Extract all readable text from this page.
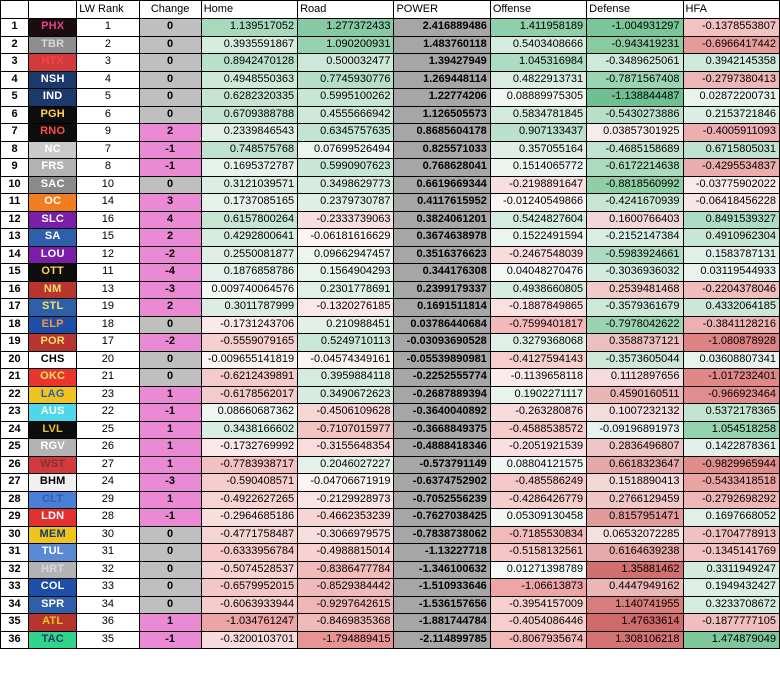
		LW Rank	Change	Home	Road	POWER	Offense	Defense	HFA
1	PHX	1	0	1.139517052	1.277372433	2.416889486	1.411958189	-1.004931297	-0.1378553807
2	TBR	2	0	0.3935591867	1.090200931	1.483760118	0.5403408666	-0.943419231	-0.6966417442
3	HTX	3	0	0.8942470128	0.500032477	1.39427949	1.045316984	-0.3489625061	0.3942145358
4	NSH	4	0	0.4948550363	0.7745930776	1.269448114	0.4822913731	-0.7871567408	-0.2797380413
5	IND	5	0	0.6282320335	0.5995100262	1.22774206	0.08889975305	-1.138844487	0.02872200731
6	PGH	6	0	0.6709388788	0.4555666942	1.126505573	0.5834781845	-0.5430273886	0.2153721846
7	RNO	9	2	0.2339846543	0.6345757635	0.8685604178	0.907133437	0.03857301925	-0.4005911093
8	NC	7	-1	0.748575768	0.07699526494	0.825571033	0.357055164	-0.4685158689	0.6715805031
9	FRS	8	-1	0.1695372787	0.5990907623	0.768628041	0.1514065772	-0.6172214638	-0.4295534837
10	SAC	10	0	0.3121039571	0.3498629773	0.6619669344	-0.2198891647	-0.8818560992	-0.03775902022
11	OC	14	3	0.1737085165	0.2379730787	0.4117615952	-0.01240549866	-0.4241670939	-0.06418456228
12	SLC	16	4	0.6157800264	-0.2333739063	0.3824061201	0.5424827604	0.1600766403	0.8491539327
13	SA	15	2	0.4292800641	-0.06181616629	0.3674638978	0.1522491594	-0.2152147384	0.4910962304
14	LOU	12	-2	0.2550081877	0.09662947457	0.3516376623	-0.2467548039	-0.5983924661	0.1583787131
15	OTT	11	-4	0.1876858786	0.1564904293	0.344176308	0.04048270476	-0.3036936032	0.03119544933
16	NM	13	-3	0.009740064576	0.2301778691	0.2399179337	0.4938660805	0.2539481468	-0.2204378046
17	STL	19	2	0.3011787999	-0.1320276185	0.1691511814	-0.1887849865	-0.3579361679	0.4332064185
18	ELP	18	0	-0.1731243706	0.210988451	0.03786440684	-0.7599401817	-0.7978042622	-0.3841128216
19	POR	17	-2	-0.5559079165	0.5249710113	-0.03093690528	0.3279368068	0.3588737121	-1.080878928
20	CHS	20	0	-0.009655141819	-0.04574349161	-0.05539890981	-0.4127594143	-0.3573605044	0.03608807341
21	OKC	21	0	-0.6212439891	0.3959884118	-0.2252555774	-0.1139658118	0.1112897656	-1.017232401
22	LAG	23	1	-0.6178562017	0.3490672623	-0.2687889394	0.1902271117	0.4590160511	-0.966923464
23	AUS	22	-1	0.08660687362	-0.4506109628	-0.3640040892	-0.263280876	0.1007232132	0.5372178365
24	LVL	25	1	0.3438166602	-0.7107015977	-0.3668849375	-0.4588538572	-0.09196891973	1.054518258
25	RGV	26	1	-0.1732769992	-0.3155648354	-0.4888418346	-0.2051921539	0.2836496807	0.1422878361
26	WST	27	1	-0.7783938717	0.2046027227	-0.573791149	0.08804121575	0.6618323647	-0.9829965944
27	BHM	24	-3	-0.590408571	-0.04706671919	-0.6374752902	-0.485586249	0.1518890413	-0.5433418518
28	CLT	29	1	-0.4922627265	-0.2129928973	-0.7052556239	-0.4286426779	0.2766129459	-0.2792698292
29	LDN	28	-1	-0.2964685186	-0.4662353239	-0.7627038425	0.05309130458	0.8157951471	0.1697668052
30	MEM	30	0	-0.4771758487	-0.3066979575	-0.7838738062	-0.7185530834	0.06532072285	-0.1704778913
31	TUL	31	0	-0.6333956784	-0.4988815014	-1.13227718	-0.5158132561	0.6164639238	-0.1345141769
32	HRT	32	0	-0.5074528537	-0.8386477784	-1.346100632	0.01271398789	1.35881462	0.3311949247
33	COL	33	0	-0.6579952015	-0.8529384442	-1.510933646	-1.06613873	0.4447949162	0.1949432427
34	SPR	34	0	-0.6063933944	-0.9297642615	-1.536157656	-0.3954157009	1.140741955	0.3233708672
35	ATL	36	1	-1.034761247	-0.8469835368	-1.881744784	-0.4054086446	1.47633614	-0.1877777105
36	TAC	35	-1	-0.3200103701	-1.794889415	-2.114899785	-0.8067935674	1.308106218	1.474879049
